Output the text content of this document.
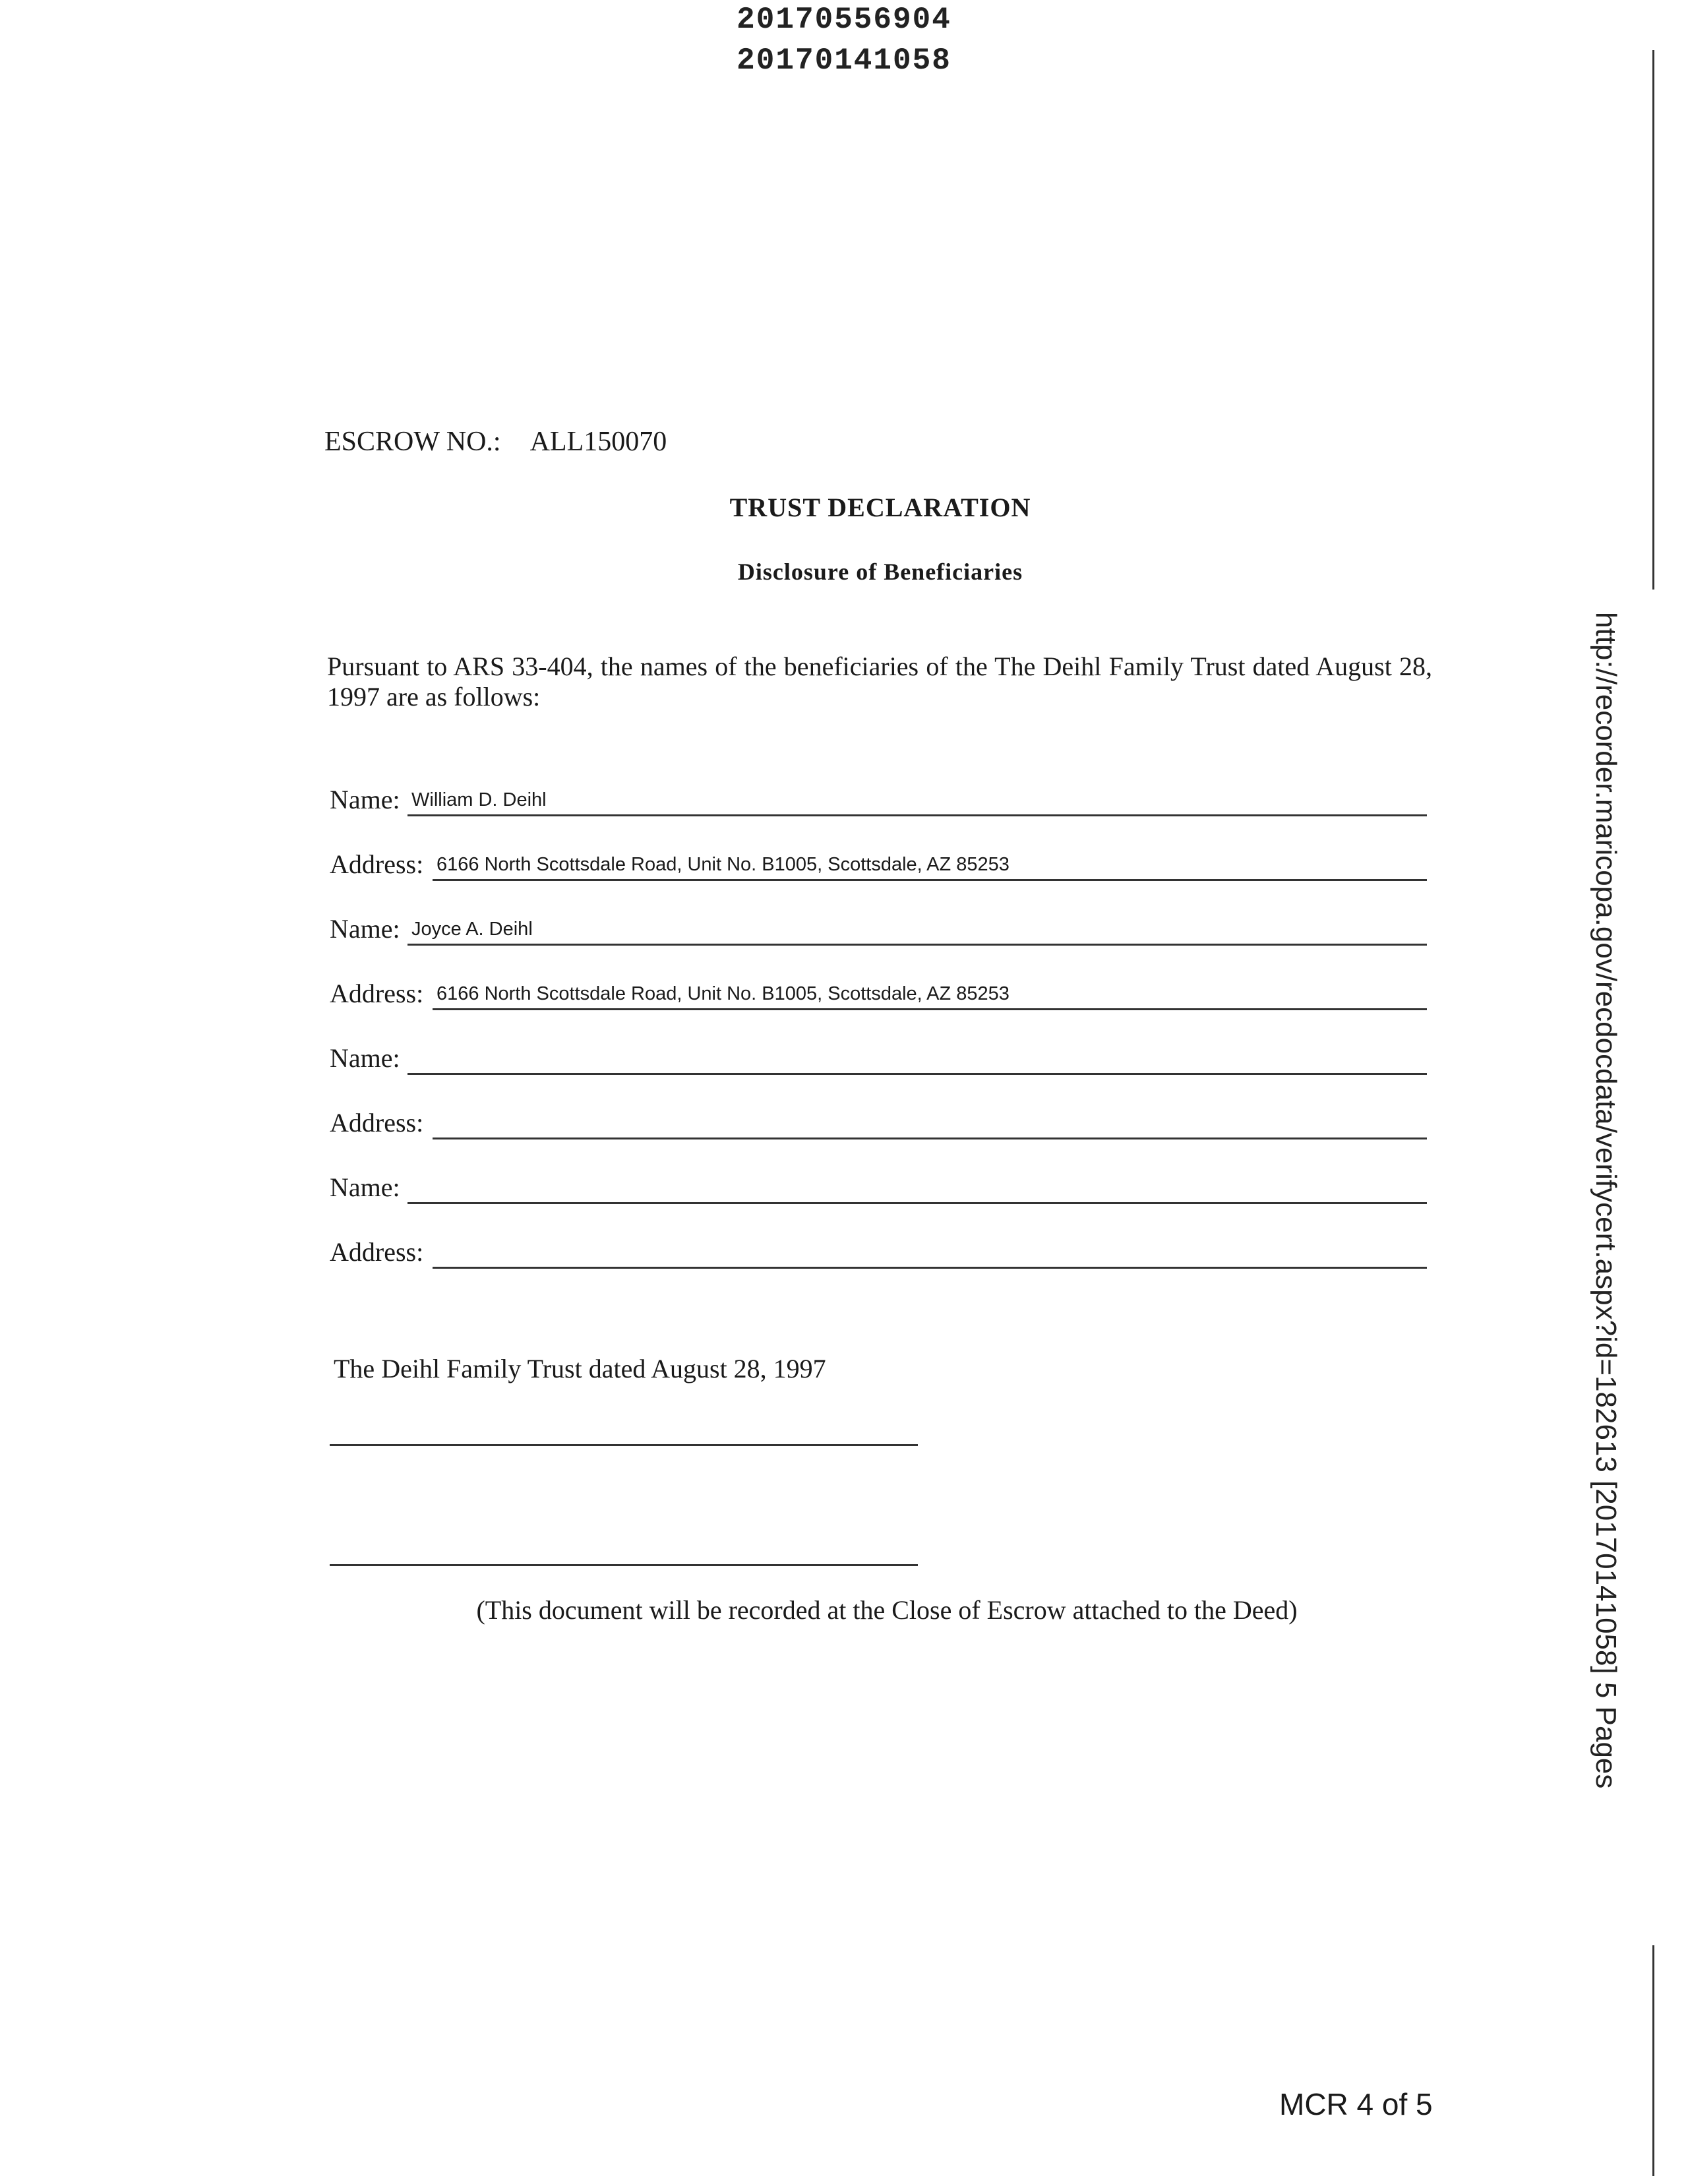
20170556904
20170141058
ESCROW NO.: ALL150070
TRUST DECLARATION
Disclosure of Beneficiaries
Pursuant to ARS 33-404, the names of the beneficiaries of the The Deihl Family Trust dated August 28, 1997 are as follows:
Name: William D. Deihl
Address: 6166 North Scottsdale Road, Unit No. B1005, Scottsdale, AZ 85253
Name: Joyce A. Deihl
Address: 6166 North Scottsdale Road, Unit No. B1005, Scottsdale, AZ 85253
Name:
Address:
Name:
Address:
The Deihl Family Trust dated August 28, 1997
(This document will be recorded at the Close of Escrow attached to the Deed)	http://recorder.maricopa.gov/recdocdata/verifycert.aspx?id=182613 [20170141058] 5 Pages
MCR 4 of 5
